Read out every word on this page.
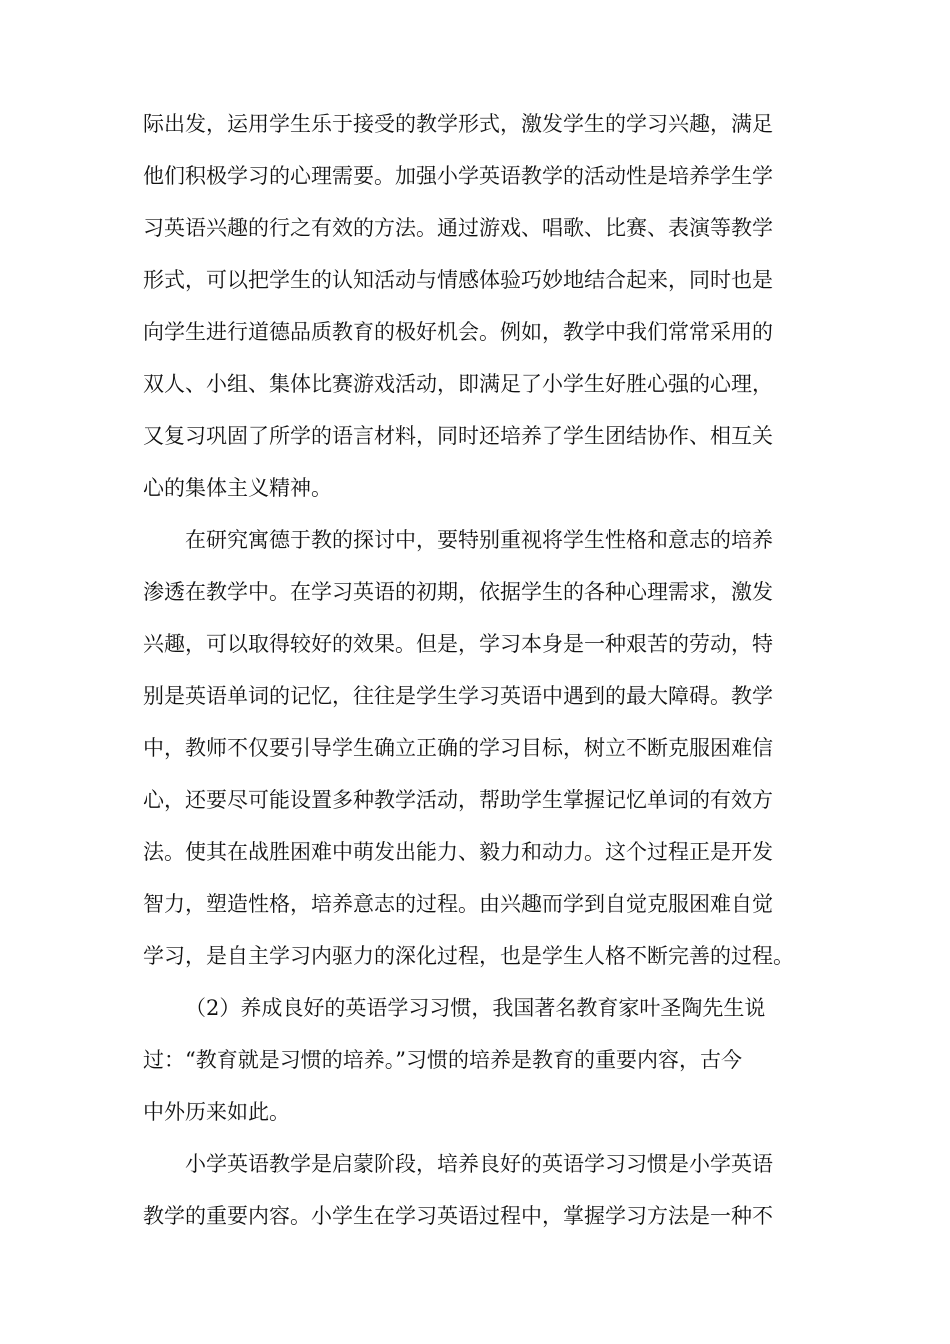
际出发，运用学生乐于接受的教学形式，激发学生的学习兴趣，满足
他们积极学习的心理需要。加强小学英语教学的活动性是培养学生学
习英语兴趣的行之有效的方法。通过游戏、唱歌、比赛、表演等教学
形式，可以把学生的认知活动与情感体验巧妙地结合起来，同时也是
向学生进行道德品质教育的极好机会。例如，教学中我们常常采用的
双人、小组、集体比赛游戏活动，即满足了小学生好胜心强的心理，
又复习巩固了所学的语言材料，同时还培养了学生团结协作、相互关
心的集体主义精神。
在研究寓德于教的探讨中，要特别重视将学生性格和意志的培养
渗透在教学中。在学习英语的初期，依据学生的各种心理需求，激发
兴趣，可以取得较好的效果。但是，学习本身是一种艰苦的劳动，特
别是英语单词的记忆，往往是学生学习英语中遇到的最大障碍。教学
中，教师不仅要引导学生确立正确的学习目标，树立不断克服困难信
心，还要尽可能设置多种教学活动，帮助学生掌握记忆单词的有效方
法。使其在战胜困难中萌发出能力、毅力和动力。这个过程正是开发
智力，塑造性格，培养意志的过程。由兴趣而学到自觉克服困难自觉
学习，是自主学习内驱力的深化过程，也是学生人格不断完善的过程。
（2）养成良好的英语学习习惯，我国著名教育家叶圣陶先生说
过：“教育就是习惯的培养。”习惯的培养是教育的重要内容，古今
中外历来如此。
小学英语教学是启蒙阶段，培养良好的英语学习习惯是小学英语
教学的重要内容。小学生在学习英语过程中，掌握学习方法是一种不
